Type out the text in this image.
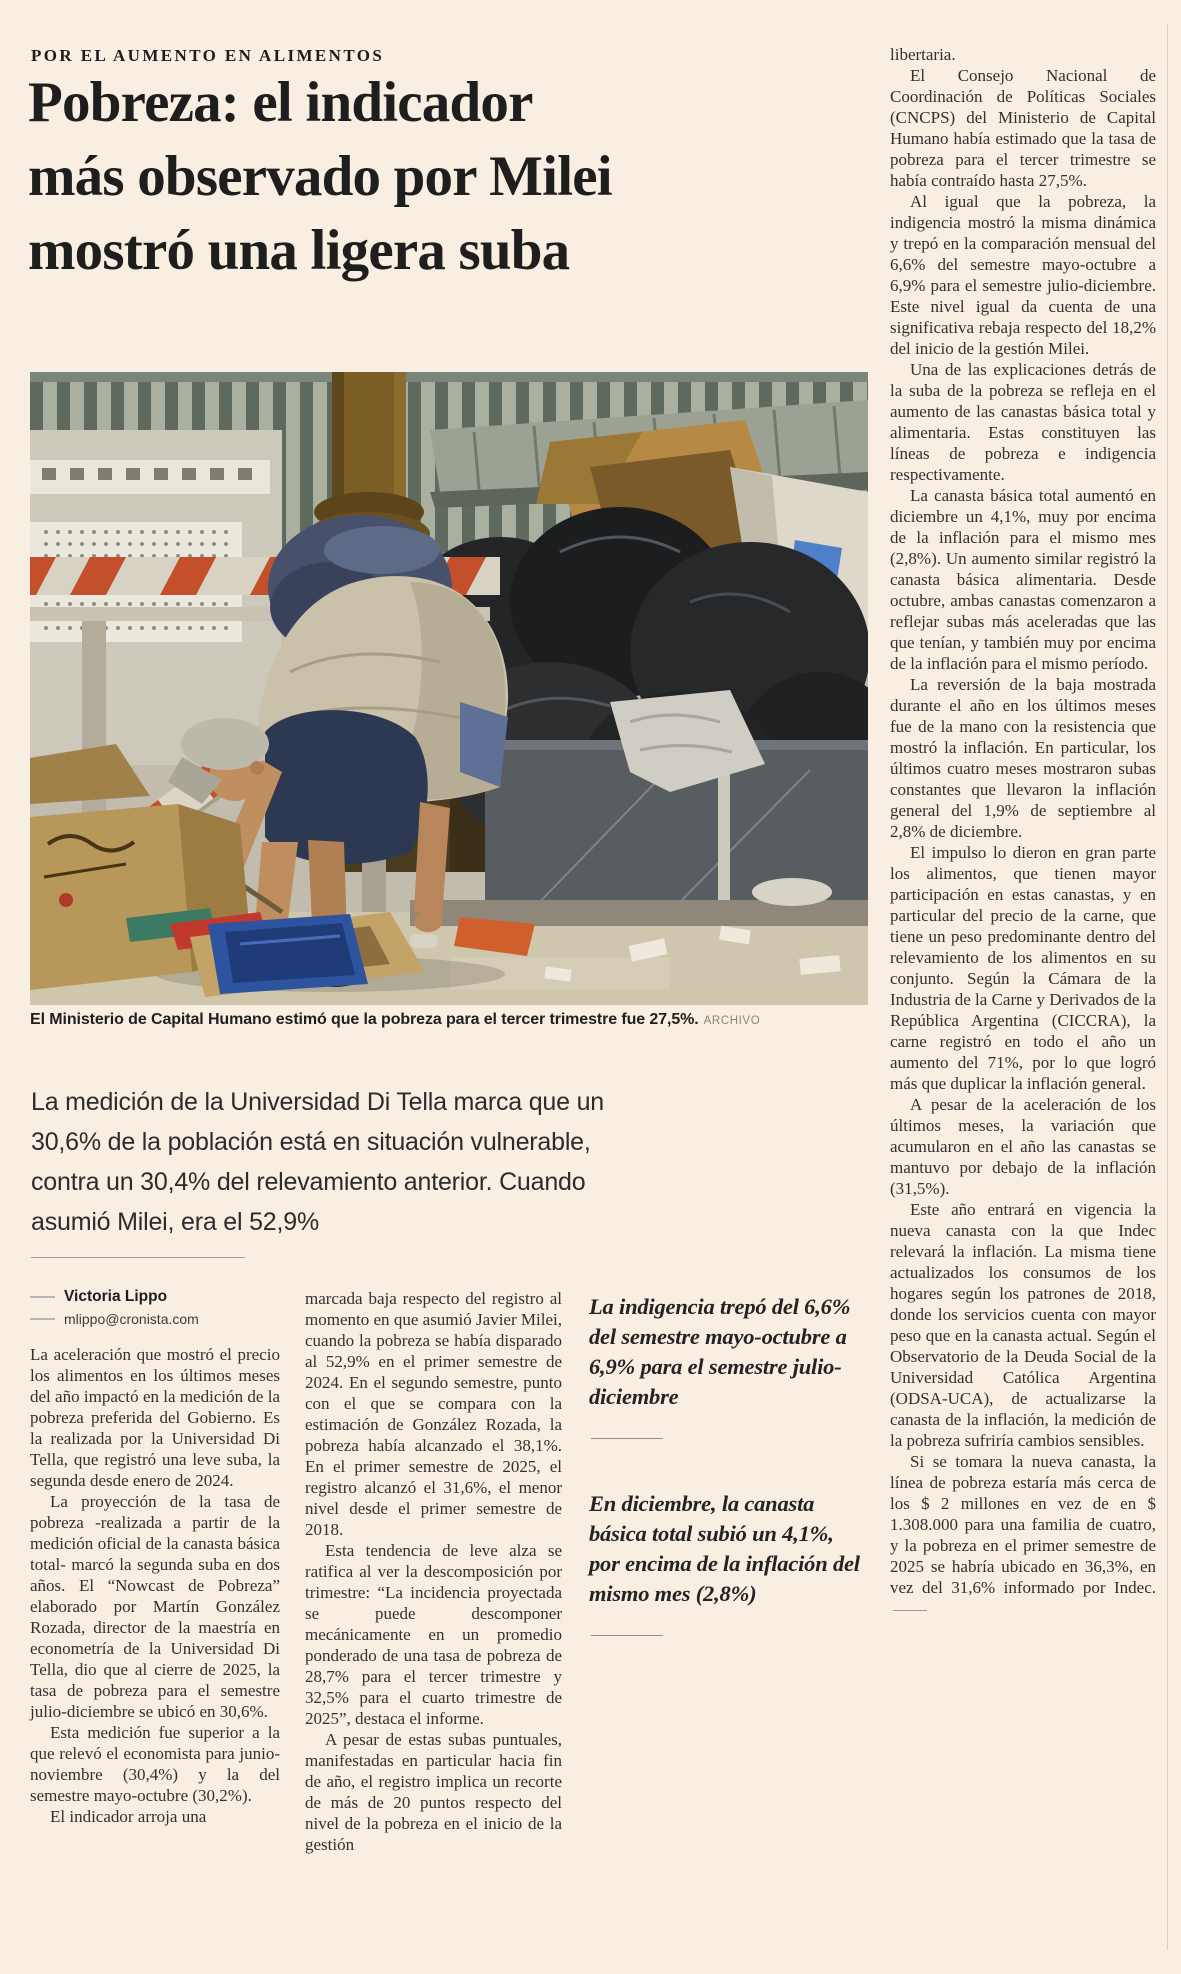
POR EL AUMENTO EN ALIMENTOS
Pobreza: el indicador
más observado por Milei
mostró una ligera suba
El Ministerio de Capital Humano estimó que la pobreza para el tercer trimestre fue 27,5%. ARCHIVO

La medición de la Universidad Di Tella marca que un 30,6% de la población está en situación vulnerable, contra un 30,4% del relevamiento anterior. Cuando asumió Milei, era el 52,9%

Victoria Lippo
mlippo@cronista.com

La aceleración que mostró el precio los alimentos en los últimos meses del año impactó en la medición de la pobreza preferida del Gobierno. Es la realizada por la Universidad Di Tella, que registró una leve suba, la segunda desde enero de 2024.

La proyección de la tasa de pobreza -realizada a partir de la medición oficial de la canasta básica total- marcó la segunda suba en dos años. El “Nowcast de Pobreza” elaborado por Martín González Rozada, director de la maestría en econometría de la Universidad Di Tella, dio que al cierre de 2025, la tasa de pobreza para el semestre julio-diciembre se ubicó en 30,6%.

Esta medición fue superior a la que relevó el economista para junio-noviembre (30,4%) y la del semestre mayo-octubre (30,2%).

El indicador arroja una

marcada baja respecto del registro al momento en que asumió Javier Milei, cuando la pobreza se había disparado al 52,9% en el primer semestre de 2024. En el segundo semestre, punto con el que se compara con la estimación de González Rozada, la pobreza había alcanzado el 38,1%. En el primer semestre de 2025, el registro alcanzó el 31,6%, el menor nivel desde el primer semestre de 2018.

Esta tendencia de leve alza se ratifica al ver la descomposición por trimestre: “La incidencia proyectada se puede descomponer mecánicamente en un promedio ponderado de una tasa de pobreza de 28,7% para el tercer trimestre y 32,5% para el cuarto trimestre de 2025”, destaca el informe.

A pesar de estas subas puntuales, manifestadas en particular hacia fin de año, el registro implica un recorte de más de 20 puntos respecto del nivel de la pobreza en el inicio de la gestión

La indigencia trepó del 6,6% del semestre mayo-octubre a 6,9% para el semestre julio-diciembre

En diciembre, la canasta básica total subió un 4,1%, por encima de la inflación del mismo mes (2,8%)

libertaria.

El Consejo Nacional de Coordinación de Políticas Sociales (CNCPS) del Ministerio de Capital Humano había estimado que la tasa de pobreza para el tercer trimestre se había contraído hasta 27,5%.

Al igual que la pobreza, la indigencia mostró la misma dinámica y trepó en la comparación mensual del 6,6% del semestre mayo-octubre a 6,9% para el semestre julio-diciembre. Este nivel igual da cuenta de una significativa rebaja respecto del 18,2% del inicio de la gestión Milei.

Una de las explicaciones detrás de la suba de la pobreza se refleja en el aumento de las canastas básica total y alimentaria. Estas constituyen las líneas de pobreza e indigencia respectivamente.

La canasta básica total aumentó en diciembre un 4,1%, muy por encima de la inflación para el mismo mes (2,8%). Un aumento similar registró la canasta básica alimentaria. Desde octubre, ambas canastas comenzaron a reflejar subas más aceleradas que las que tenían, y también muy por encima de la inflación para el mismo período.

La reversión de la baja mostrada durante el año en los últimos meses fue de la mano con la resistencia que mostró la inflación. En particular, los últimos cuatro meses mostraron subas constantes que llevaron la inflación general del 1,9% de septiembre al 2,8% de diciembre.

El impulso lo dieron en gran parte los alimentos, que tienen mayor participación en estas canastas, y en particular del precio de la carne, que tiene un peso predominante dentro del relevamiento de los alimentos en su conjunto. Según la Cámara de la Industria de la Carne y Derivados de la República Argentina (CICCRA), la carne registró en todo el año un aumento del 71%, por lo que logró más que duplicar la inflación general.

A pesar de la aceleración de los últimos meses, la variación que acumularon en el año las canastas se mantuvo por debajo de la inflación (31,5%).

Este año entrará en vigencia la nueva canasta con la que Indec relevará la inflación. La misma tiene actualizados los consumos de los hogares según los patrones de 2018, donde los servicios cuenta con mayor peso que en la canasta actual. Según el Observatorio de la Deuda Social de la Universidad Católica Argentina (ODSA-UCA), de actualizarse la canasta de la inflación, la medición de la pobreza sufriría cambios sensibles.

Si se tomara la nueva canasta, la línea de pobreza estaría más cerca de los $ 2 millones en vez de en $ 1.308.000 para una familia de cuatro, y la pobreza en el primer semestre de 2025 se habría ubicado en 36,3%, en vez del 31,6% informado por Indec.
